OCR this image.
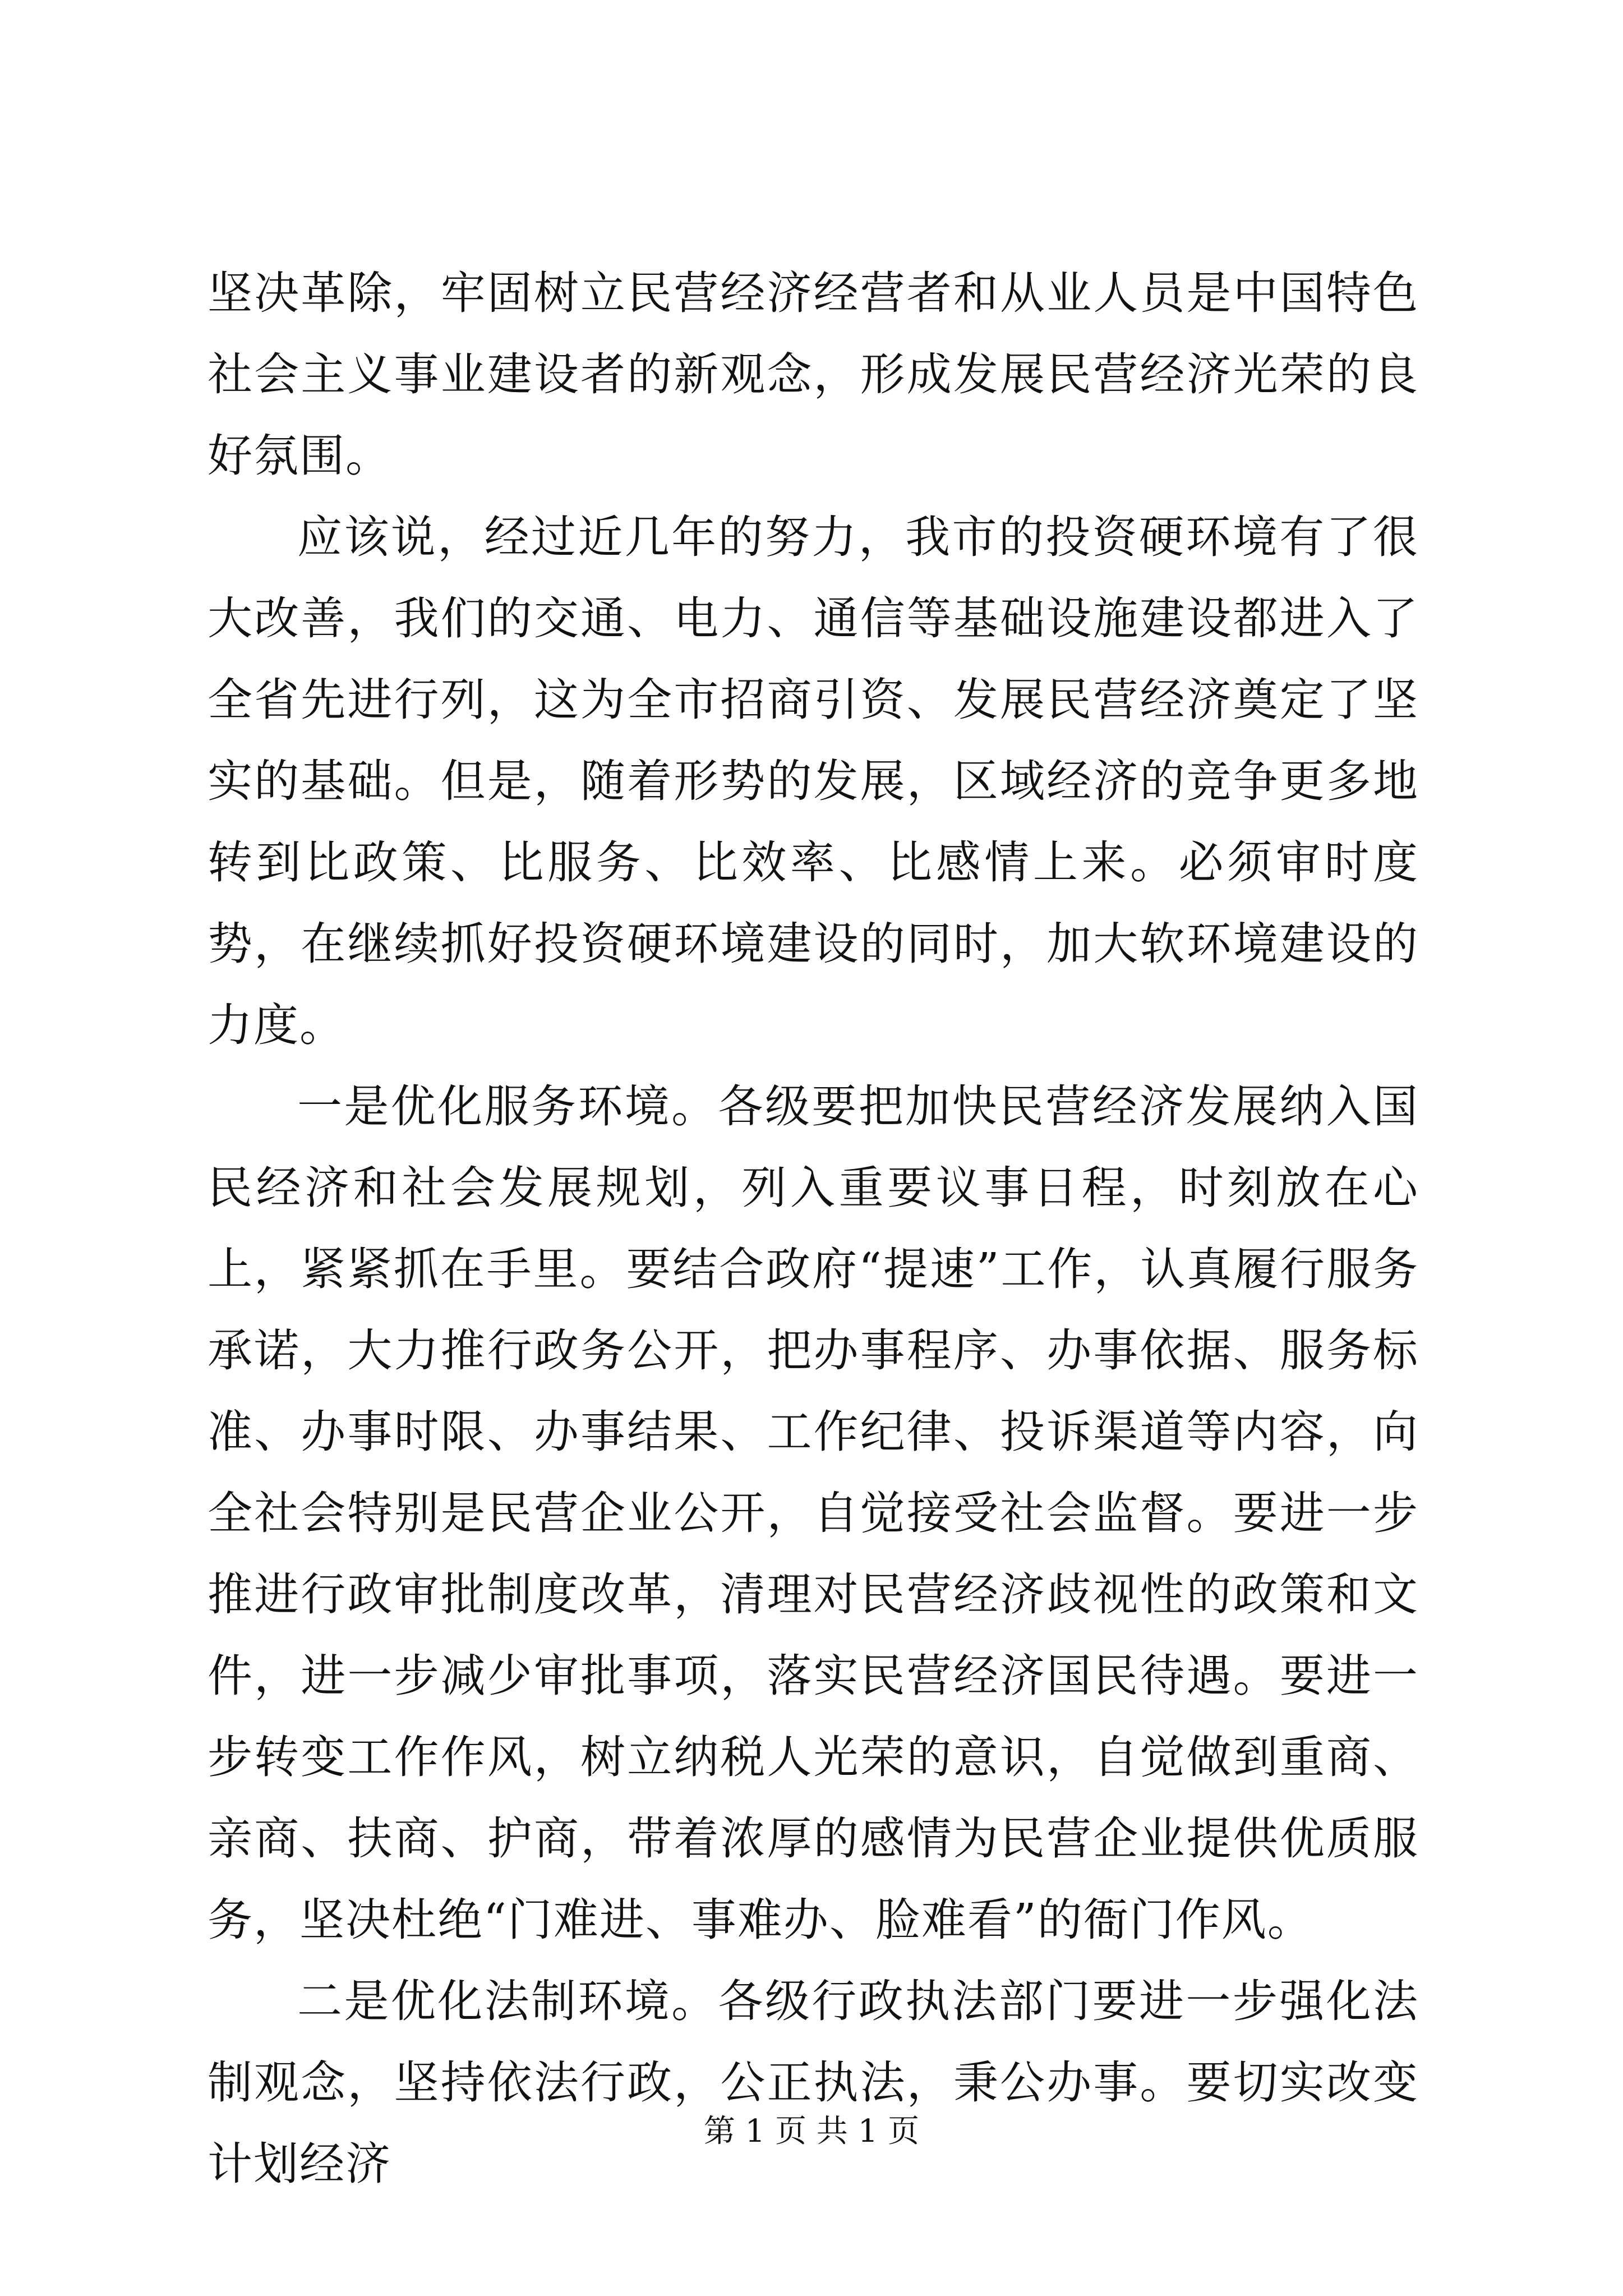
坚决革除，牢固树立民营经济经营者和从业人员是中国特色社会主义事业建设者的新观念，形成发展民营经济光荣的良好氛围。

应该说，经过近几年的努力，我市的投资硬环境有了很大改善，我们的交通、电力、通信等基础设施建设都进入了全省先进行列，这为全市招商引资、发展民营经济奠定了坚实的基础。但是，随着形势的发展，区域经济的竞争更多地转到比政策、比服务、比效率、比感情上来。必须审时度势，在继续抓好投资硬环境建设的同时，加大软环境建设的力度。

一是优化服务环境。各级要把加快民营经济发展纳入国民经济和社会发展规划，列入重要议事日程，时刻放在心上，紧紧抓在手里。要结合政府“提速”工作，认真履行服务承诺，大力推行政务公开，把办事程序、办事依据、服务标准、办事时限、办事结果、工作纪律、投诉渠道等内容，向全社会特别是民营企业公开，自觉接受社会监督。要进一步推进行政审批制度改革，清理对民营经济歧视性的政策和文件，进一步减少审批事项，落实民营经济国民待遇。要进一步转变工作作风，树立纳税人光荣的意识，自觉做到重商、亲商、扶商、护商，带着浓厚的感情为民营企业提供优质服务，坚决杜绝“门难进、事难办、脸难看”的衙门作风。

二是优化法制环境。各级行政执法部门要进一步强化法制观念，坚持依法行政，公正执法，秉公办事。要切实改变计划经济

第 1 页 共 1 页
